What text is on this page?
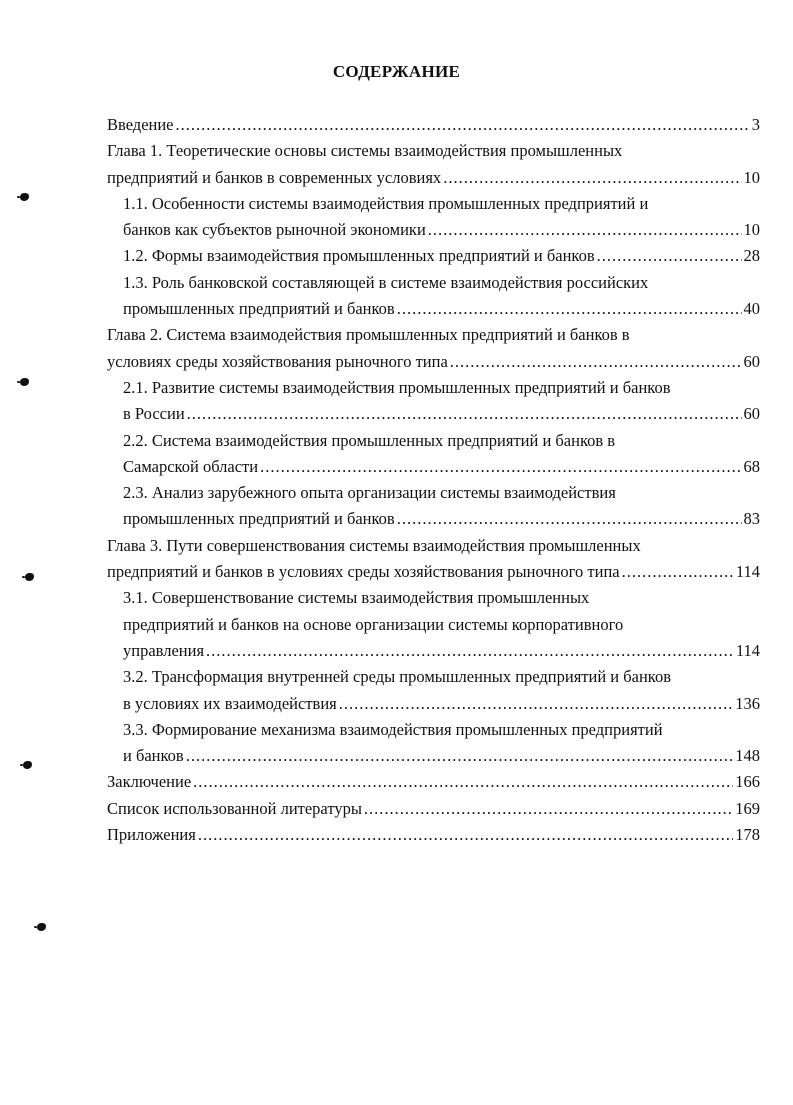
СОДЕРЖАНИЕ
Введение .....	3
Глава 1. Теоретические основы системы взаимодействия промышленных
предприятий и банков в современных условиях .....	10
1.1. Особенности системы взаимодействия промышленных предприятий и
банков как субъектов рыночной экономики .....	10
1.2. Формы взаимодействия промышленных предприятий и банков .....	28
1.3. Роль банковской составляющей в системе взаимодействия российских
промышленных предприятий и банков .....	40
Глава 2. Система взаимодействия промышленных предприятий и банков в
условиях среды хозяйствования рыночного типа .....	60
2.1. Развитие системы взаимодействия промышленных предприятий и банков
в России .....	60
2.2. Система взаимодействия промышленных предприятий и банков в
Самарской области .....	68
2.3. Анализ зарубежного опыта организации системы взаимодействия
промышленных предприятий и банков .....	83
Глава 3. Пути совершенствования системы взаимодействия промышленных
предприятий и банков в условиях среды хозяйствования рыночного типа .....	114
3.1. Совершенствование системы взаимодействия промышленных
предприятий и банков на основе организации системы корпоративного
управления .....	114
3.2. Трансформация внутренней среды промышленных предприятий и банков
в условиях их взаимодействия .....	136
3.3. Формирование механизма взаимодействия промышленных предприятий
и банков .....	148
Заключение .....	166
Список использованной литературы .....	169
Приложения .....	178
